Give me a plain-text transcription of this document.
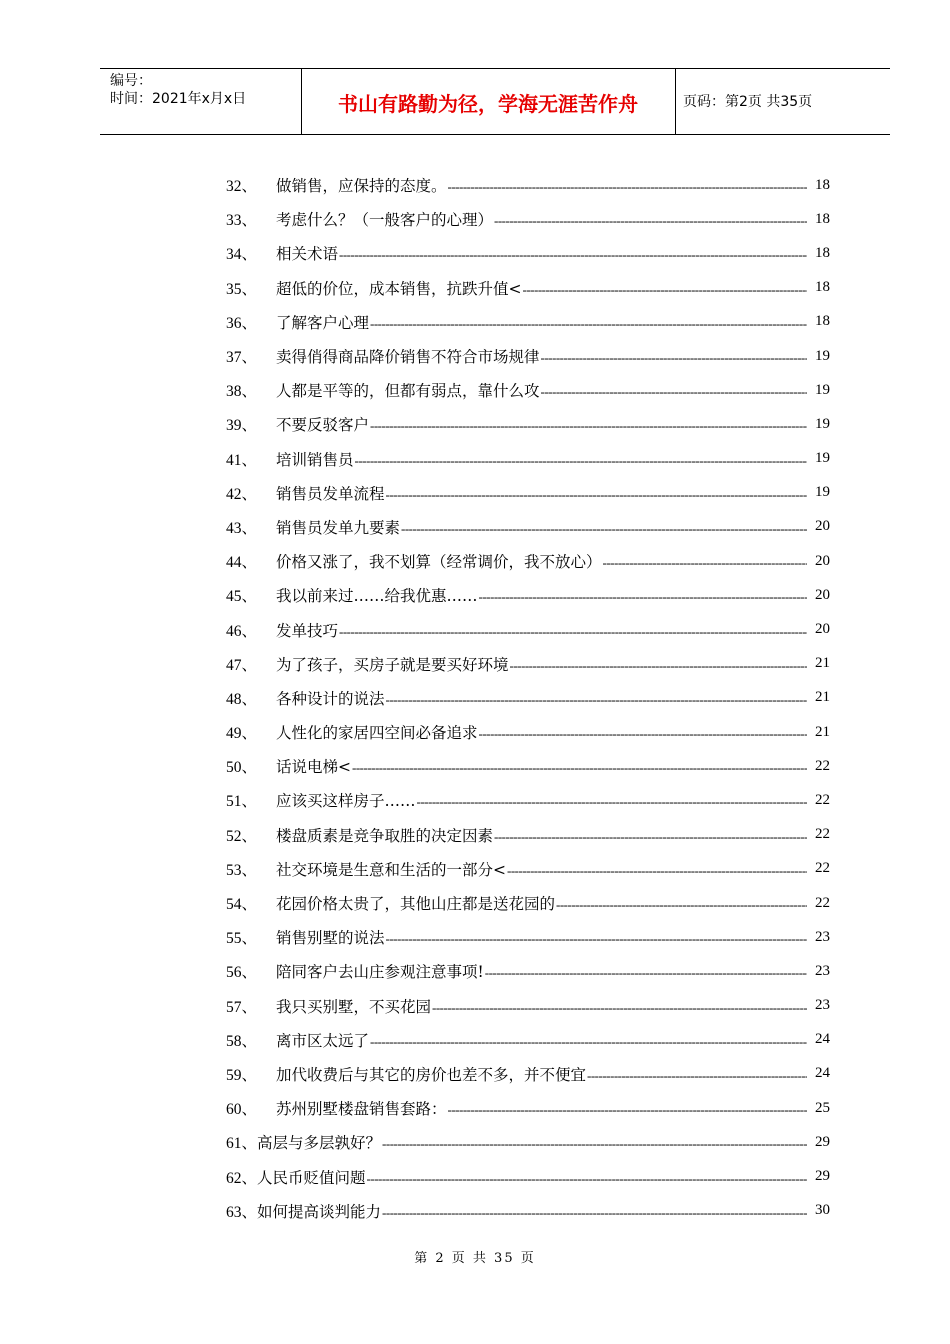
编号：
时间：2021年x月x日	书山有路勤为径，学海无涯苦作舟	页码：第2页 共35页
32、	做销售，应保持的态度。 -----	18
33、	考虑什么？（一般客户的心理） -----	18
34、	相关术语 -----	18
35、	超低的价位，成本销售，抗跌升值< -----	18
36、	了解客户心理 -----	18
37、	卖得俏得商品降价销售不符合市场规律 -----	19
38、	人都是平等的，但都有弱点，靠什么攻 -----	19
39、	不要反驳客户 -----	19
41、	培训销售员 -----	19
42、	销售员发单流程 -----	19
43、	销售员发单九要素 -----	20
44、	价格又涨了，我不划算（经常调价，我不放心） -----	20
45、	我以前来过……给我优惠…… -----	20
46、	发单技巧 -----	20
47、	为了孩子，买房子就是要买好环境 -----	21
48、	各种设计的说法 -----	21
49、	人性化的家居四空间必备追求 -----	21
50、	话说电梯< -----	22
51、	应该买这样房子…… -----	22
52、	楼盘质素是竞争取胜的决定因素 -----	22
53、	社交环境是生意和生活的一部分< -----	22
54、	花园价格太贵了，其他山庄都是送花园的 -----	22
55、	销售别墅的说法 -----	23
56、	陪同客户去山庄参观注意事项! -----	23
57、	我只买别墅，不买花园 -----	23
58、	离市区太远了 -----	24
59、	加代收费后与其它的房价也差不多，并不便宜 -----	24
60、	苏州别墅楼盘销售套路： -----	25
61、 高层与多层孰好？ -----	29
62、 人民币贬值问题 -----	29
63、 如何提高谈判能力 -----	30
第 2 页 共 35 页
